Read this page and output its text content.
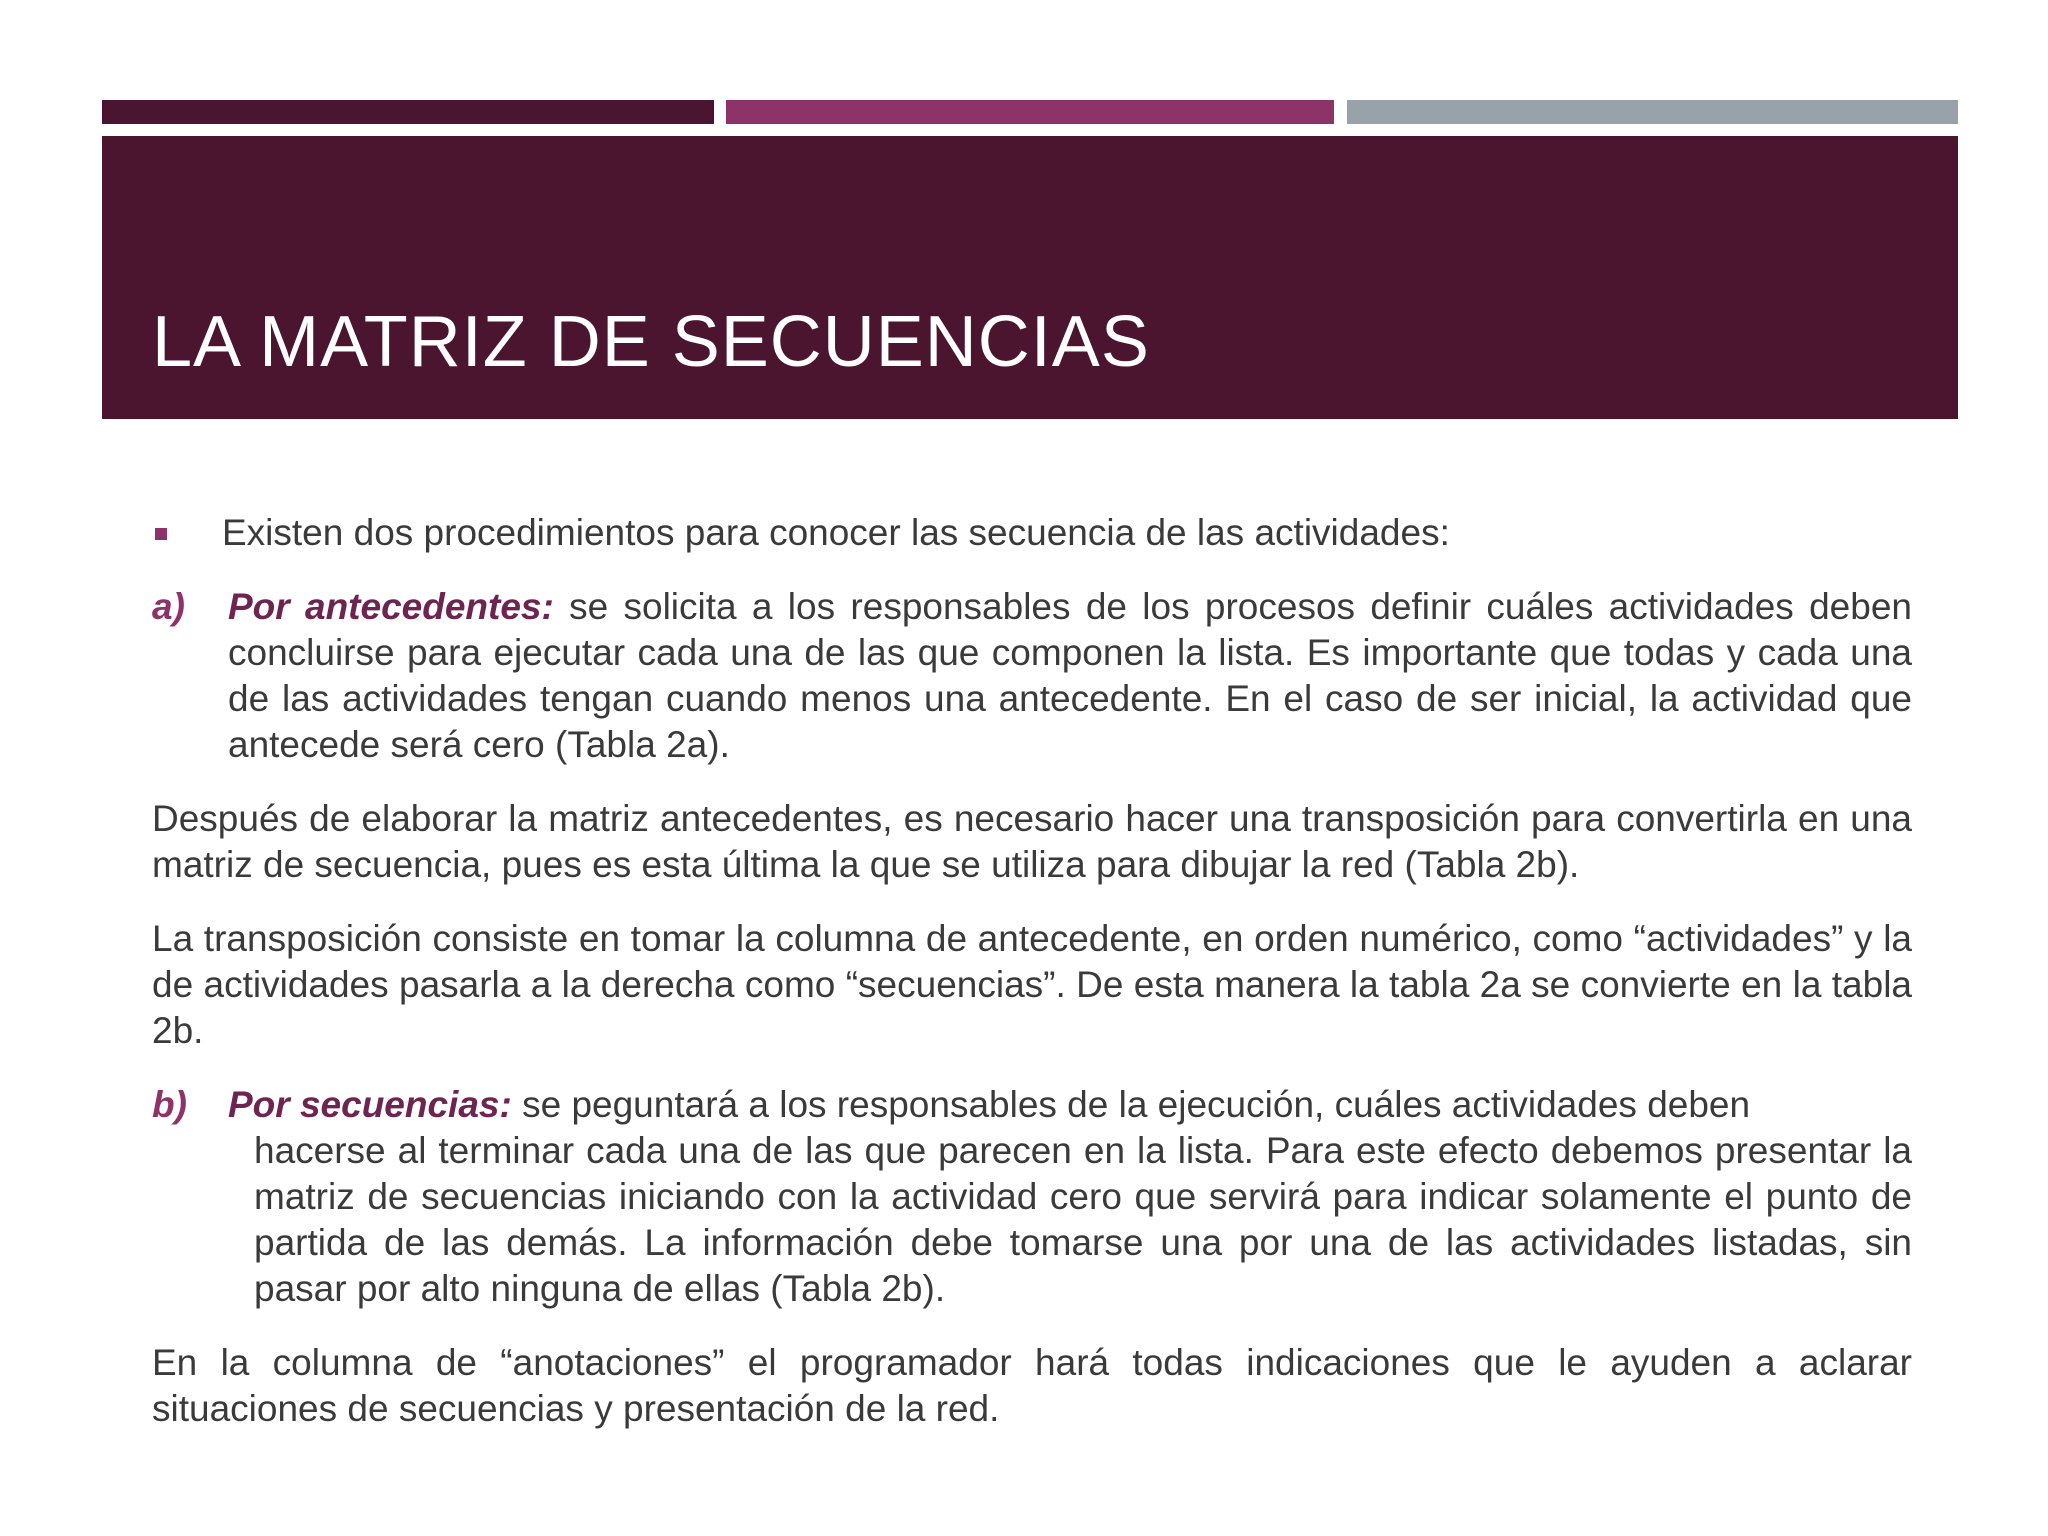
LA MATRIZ DE SECUENCIAS
Existen dos procedimientos para conocer las secuencia de las actividades:

a) Por antecedentes: se solicita a los responsables de los procesos definir cuáles actividades deben concluirse para ejecutar cada una de las que componen la lista. Es importante que todas y cada una de las actividades tengan cuando menos una antecedente. En el caso de ser inicial, la actividad que antecede será cero (Tabla 2a).

Después de elaborar la matriz antecedentes, es necesario hacer una transposición para convertirla en una matriz de secuencia, pues es esta última la que se utiliza para dibujar la red (Tabla 2b).

La transposición consiste en tomar la columna de antecedente, en orden numérico, como “actividades” y la de actividades pasarla a la derecha como “secuencias”. De esta manera la tabla 2a se convierte en la tabla 2b.

b) Por secuencias: se peguntará a los responsables de la ejecución, cuáles actividades deben
hacerse al terminar cada una de las que parecen en la lista. Para este efecto debemos presentar la matriz de secuencias iniciando con la actividad cero que servirá para indicar solamente el punto de partida de las demás. La información debe tomarse una por una de las actividades listadas, sin pasar por alto ninguna de ellas (Tabla 2b).

En la columna de “anotaciones” el programador hará todas indicaciones que le ayuden a aclarar situaciones de secuencias y presentación de la red.
